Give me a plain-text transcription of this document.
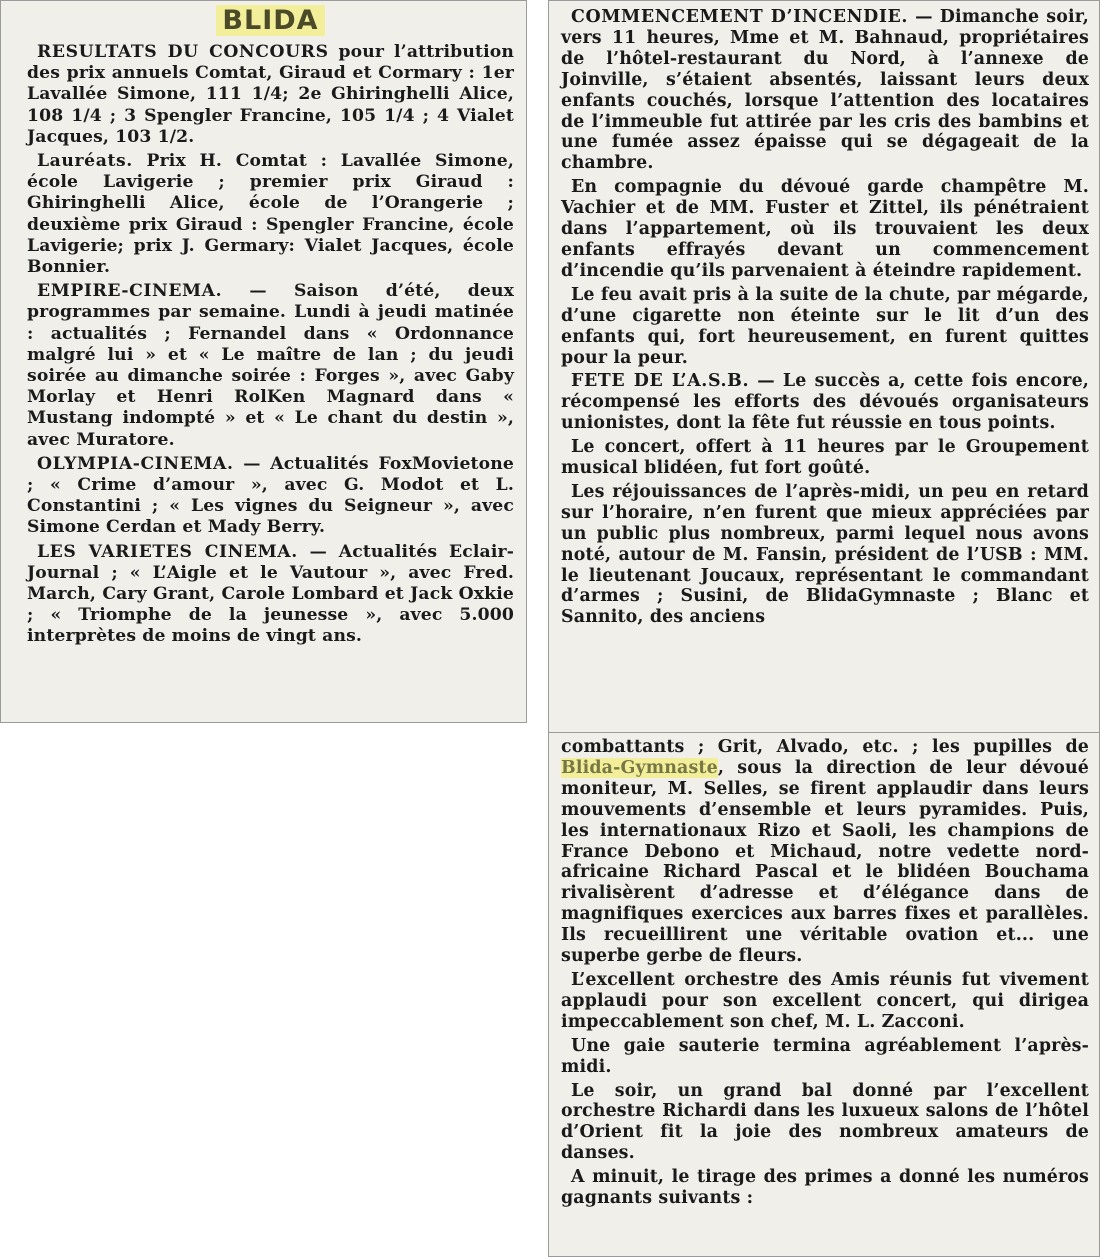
BLIDA

RESULTATS DU CONCOURS pour l’attribution des prix annuels Comtat, Giraud et Cormary : 1er Lavallée Simone, 111 1/4; 2e Ghiringhelli Alice, 108 1/4 ; 3 Spengler Francine, 105 1/4 ; 4 Vialet Jacques, 103 1/2.

Lauréats. Prix H. Comtat : Lavallée Simone, école Lavigerie ; premier prix Giraud : Ghiringhelli Alice, école de l’Orangerie ; deuxième prix Giraud : Spengler Francine, école Lavigerie; prix J. Germary: Vialet Jacques, école Bonnier.

EMPIRE-CINEMA. — Saison d’été, deux programmes par semaine. Lundi à jeudi matinée : actualités ; Fernandel dans « Ordonnance malgré lui » et « Le maître de lan ; du jeudi soirée au dimanche soirée : Forges », avec Gaby Morlay et Henri RolKen Magnard dans « Mustang indompté » et « Le chant du destin », avec Muratore.

OLYMPIA-CINEMA. — Actualités FoxMovietone ; « Crime d’amour », avec G. Modot et L. Constantini ; « Les vignes du Seigneur », avec Simone Cerdan et Mady Berry.

LES VARIETES CINEMA. — Actualités Eclair-Journal ; « L’Aigle et le Vautour », avec Fred. March, Cary Grant, Carole Lombard et Jack Oxkie ; « Triomphe de la jeunesse », avec 5.000 interprètes de moins de vingt ans.

COMMENCEMENT D’INCENDIE. — Dimanche soir, vers 11 heures, Mme et M. Bahnaud, propriétaires de l’hôtel-restaurant du Nord, à l’annexe de Joinville, s’étaient absentés, laissant leurs deux enfants couchés, lorsque l’attention des locataires de l’immeuble fut attirée par les cris des bambins et une fumée assez épaisse qui se dégageait de la chambre.

En compagnie du dévoué garde champêtre M. Vachier et de MM. Fuster et Zittel, ils pénétraient dans l’appartement, où ils trouvaient les deux enfants effrayés devant un commencement d’incendie qu’ils parvenaient à éteindre rapidement.

Le feu avait pris à la suite de la chute, par mégarde, d’une cigarette non éteinte sur le lit d’un des enfants qui, fort heureusement, en furent quittes pour la peur.

FETE DE L’A.S.B. — Le succès a, cette fois encore, récompensé les efforts des dévoués organisateurs unionistes, dont la fête fut réussie en tous points.

Le concert, offert à 11 heures par le Groupement musical blidéen, fut fort goûté.

Les réjouissances de l’après-midi, un peu en retard sur l’horaire, n’en furent que mieux appréciées par un public plus nombreux, parmi lequel nous avons noté, autour de M. Fansin, président de l’USB : MM. le lieutenant Joucaux, représentant le commandant d’armes ; Susini, de BlidaGymnaste ; Blanc et Sannito, des anciens

combattants ; Grit, Alvado, etc. ; les pupilles de Blida-Gymnaste, sous la direction de leur dévoué moniteur, M. Selles, se firent applaudir dans leurs mouvements d’ensemble et leurs pyramides. Puis, les internationaux Rizo et Saoli, les champions de France Debono et Michaud, notre vedette nord-africaine Richard Pascal et le blidéen Bouchama rivalisèrent d’adresse et d’élégance dans de magnifiques exercices aux barres fixes et parallèles. Ils recueillirent une véritable ovation et... une superbe gerbe de fleurs.

L’excellent orchestre des Amis réunis fut vivement applaudi pour son excellent concert, qui dirigea impeccablement son chef, M. L. Zacconi.

Une gaie sauterie termina agréablement l’après-midi.

Le soir, un grand bal donné par l’excellent orchestre Richardi dans les luxueux salons de l’hôtel d’Orient fit la joie des nombreux amateurs de danses.

A minuit, le tirage des primes a donné les numéros gagnants suivants :
